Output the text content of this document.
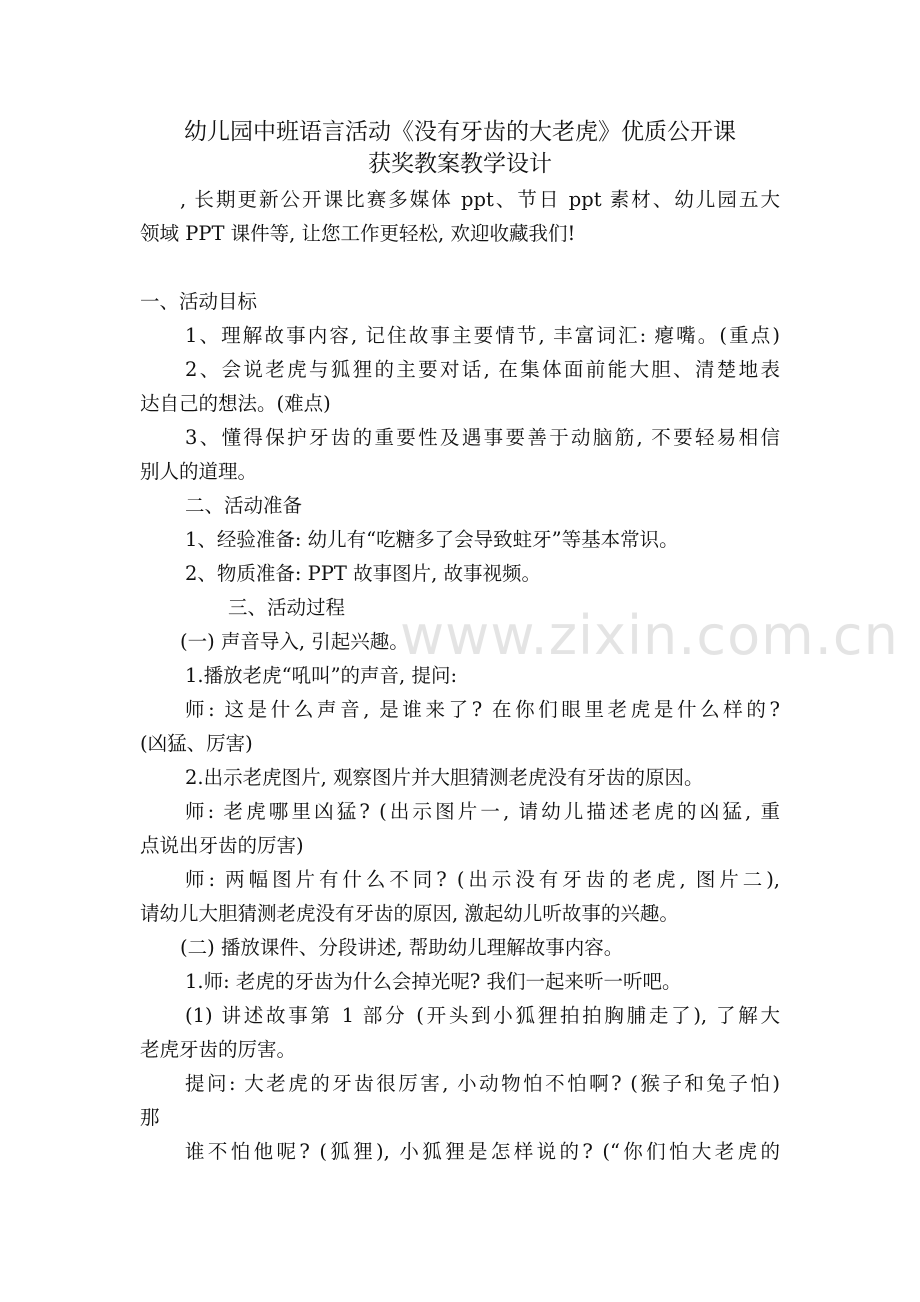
幼儿园中班语言活动《没有牙齿的大老虎》优质公开课
获奖教案教学设计

, 长期更新公开课比赛多媒体 ppt、节日 ppt 素材、幼儿园五大

领域 PPT 课件等, 让您工作更轻松, 欢迎收藏我们!

一、活动目标

1、理解故事内容, 记住故事主要情节, 丰富词汇: 瘪嘴。(重点)

2、会说老虎与狐狸的主要对话, 在集体面前能大胆、清楚地表

达自己的想法。(难点)

3、懂得保护牙齿的重要性及遇事要善于动脑筋, 不要轻易相信

别人的道理。

二、活动准备

1、经验准备: 幼儿有“吃糖多了会导致蛀牙”等基本常识。

2、物质准备: PPT 故事图片, 故事视频。

三、活动过程

(一) 声音导入, 引起兴趣。

1.播放老虎“吼叫”的声音, 提问:

师: 这是什么声音, 是谁来了? 在你们眼里老虎是什么样的?

(凶猛、厉害)

2.出示老虎图片, 观察图片并大胆猜测老虎没有牙齿的原因。

师: 老虎哪里凶猛? (出示图片一, 请幼儿描述老虎的凶猛, 重

点说出牙齿的厉害)

师: 两幅图片有什么不同? (出示没有牙齿的老虎, 图片二),

请幼儿大胆猜测老虎没有牙齿的原因, 激起幼儿听故事的兴趣。

(二) 播放课件、分段讲述, 帮助幼儿理解故事内容。

1.师: 老虎的牙齿为什么会掉光呢? 我们一起来听一听吧。

(1) 讲述故事第 1 部分 (开头到小狐狸拍拍胸脯走了), 了解大

老虎牙齿的厉害。

提问: 大老虎的牙齿很厉害, 小动物怕不怕啊? (猴子和兔子怕)

那

谁不怕他呢? (狐狸), 小狐狸是怎样说的? (“你们怕大老虎的

www.zixin.com.cn
